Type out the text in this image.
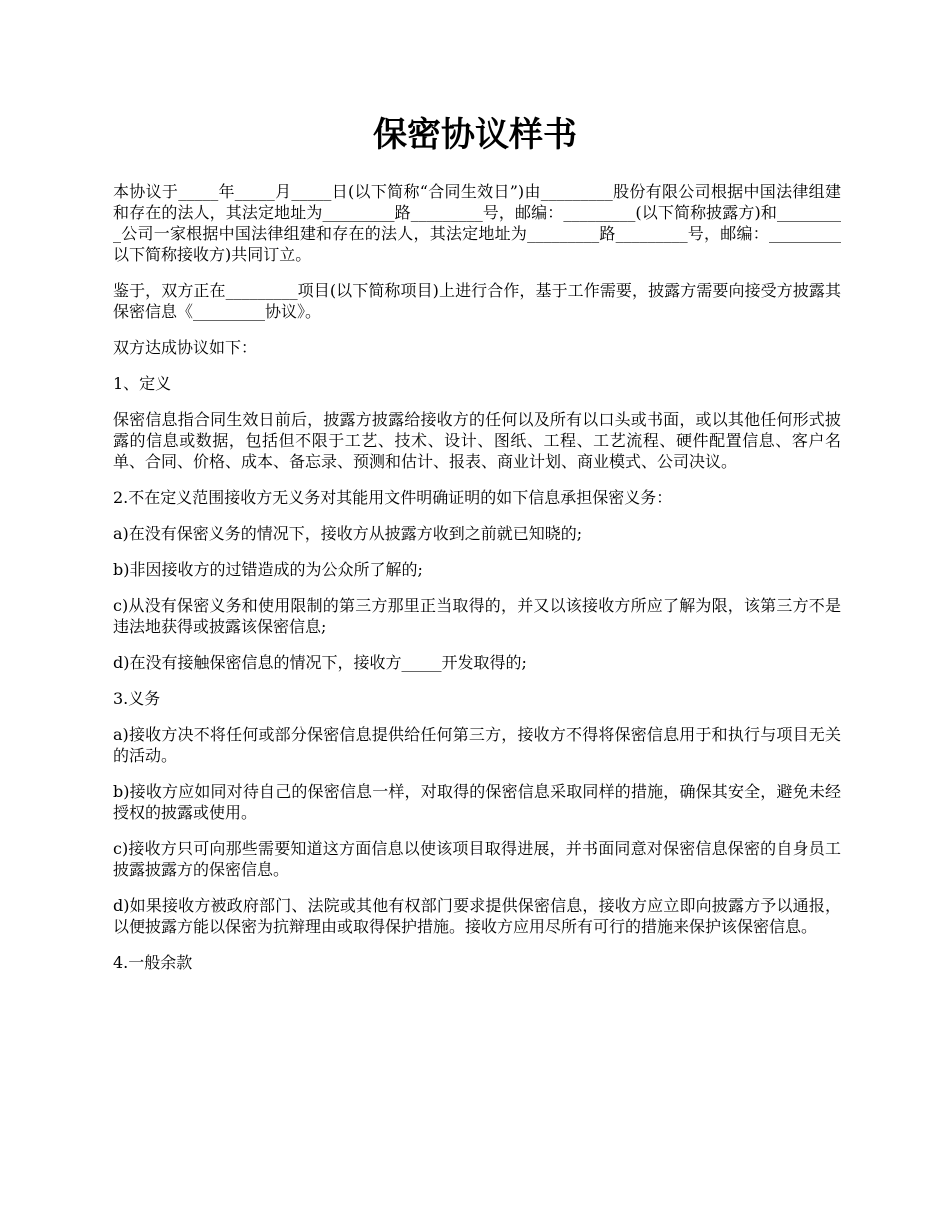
保密协议样书

本协议于_____年_____月_____日(以下简称“合同生效日”)由_________股份有限公司根据中国法律组建和存在的法人，其法定地址为_________路_________号，邮编：_________(以下简称披露方)和_________公司一家根据中国法律组建和存在的法人，其法定地址为_________路_________号，邮编：_________以下简称接收方)共同订立。

鉴于，双方正在_________项目(以下简称项目)上进行合作，基于工作需要，披露方需要向接受方披露其保密信息《_________协议》。

双方达成协议如下：

1、定义

保密信息指合同生效日前后，披露方披露给接收方的任何以及所有以口头或书面，或以其他任何形式披露的信息或数据，包括但不限于工艺、技术、设计、图纸、工程、工艺流程、硬件配置信息、客户名单、合同、价格、成本、备忘录、预测和估计、报表、商业计划、商业模式、公司决议。

2.不在定义范围接收方无义务对其能用文件明确证明的如下信息承担保密义务：

a)在没有保密义务的情况下，接收方从披露方收到之前就已知晓的;

b)非因接收方的过错造成的为公众所了解的;

c)从没有保密义务和使用限制的第三方那里正当取得的，并又以该接收方所应了解为限，该第三方不是违法地获得或披露该保密信息;

d)在没有接触保密信息的情况下，接收方_____开发取得的;

3.义务

a)接收方决不将任何或部分保密信息提供给任何第三方，接收方不得将保密信息用于和执行与项目无关的活动。

b)接收方应如同对待自己的保密信息一样，对取得的保密信息采取同样的措施，确保其安全，避免未经授权的披露或使用。

c)接收方只可向那些需要知道这方面信息以使该项目取得进展，并书面同意对保密信息保密的自身员工披露披露方的保密信息。

d)如果接收方被政府部门、法院或其他有权部门要求提供保密信息，接收方应立即向披露方予以通报，以便披露方能以保密为抗辩理由或取得保护措施。接收方应用尽所有可行的措施来保护该保密信息。

4.一般余款
